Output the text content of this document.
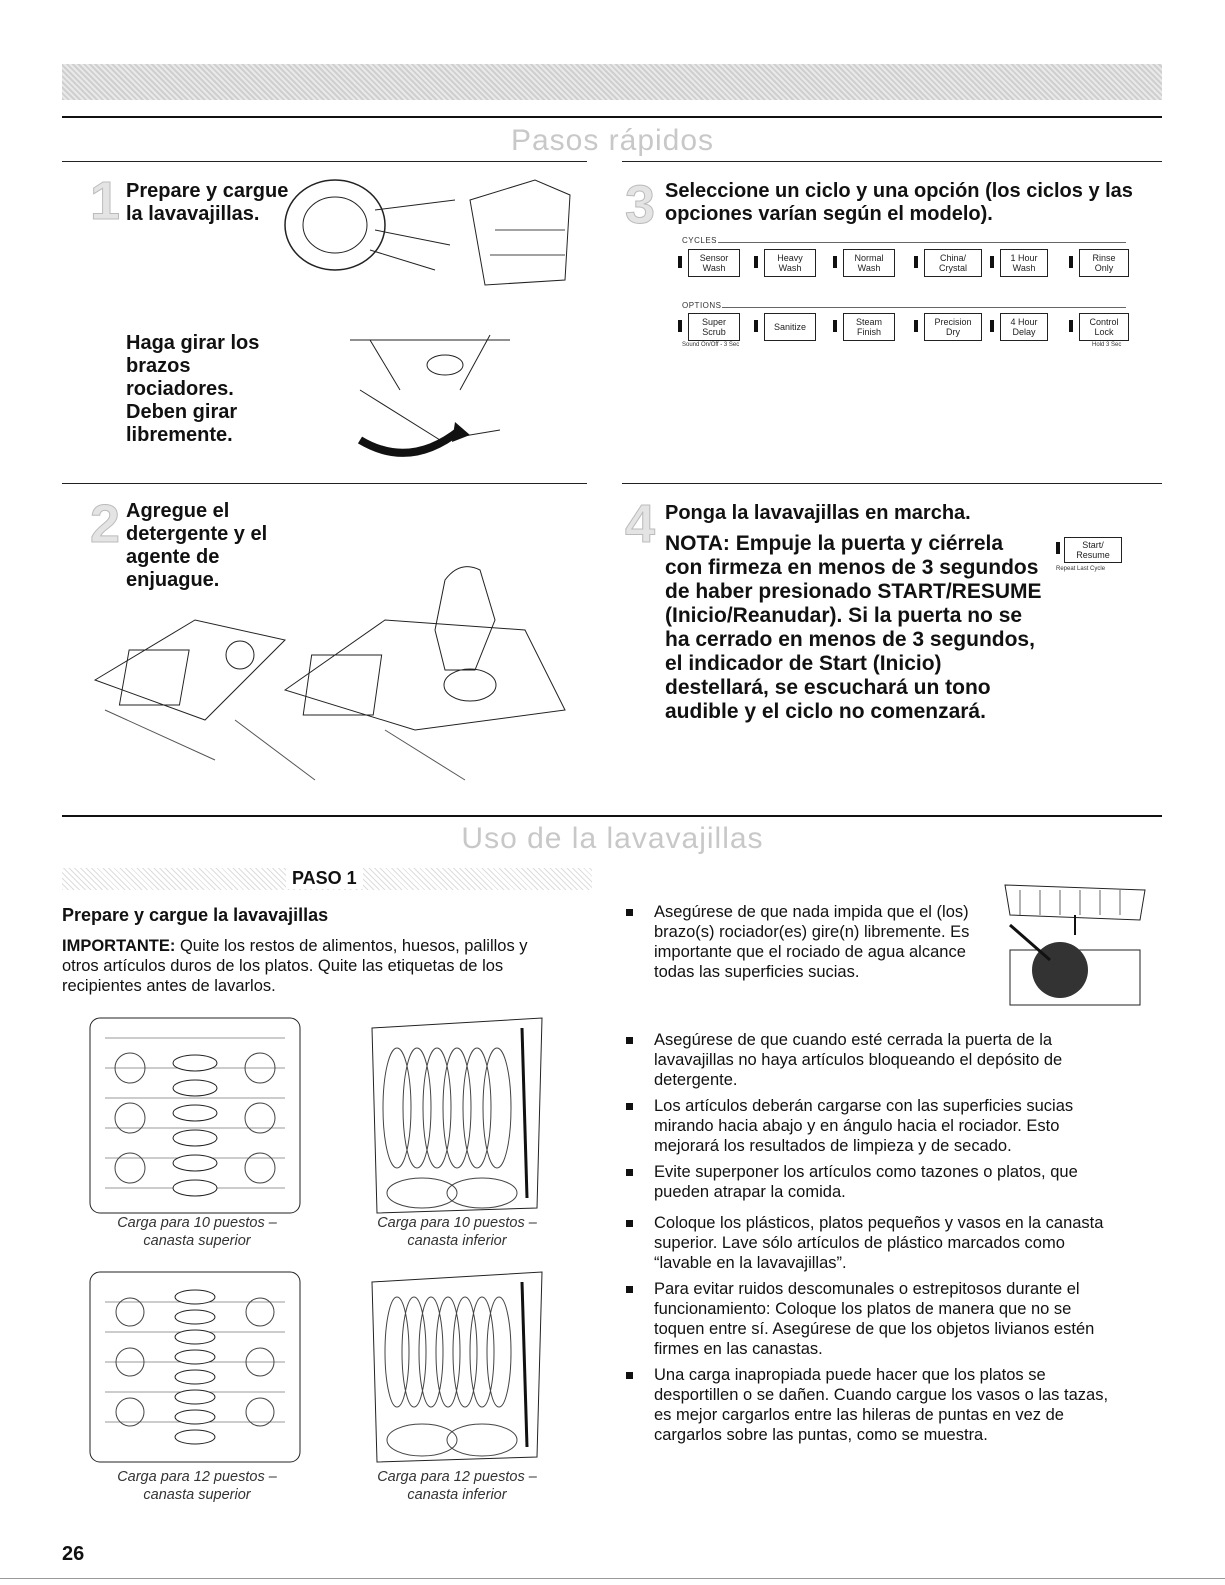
Pasos rápidos
1 Prepare y cargue
la lavavajillas.
Haga girar los
brazos
rociadores.
Deben girar
libremente.
2 Agregue el
detergente y el
agente de
enjuague.
3 Seleccione un ciclo y una opción (los ciclos y las
opciones varían según el modelo).
CYCLES
Sensor
Wash
Heavy
Wash
Normal
Wash
China/
Crystal
1 Hour
Wash
Rinse
Only
OPTIONS
Super
Scrub	Sanitize	Steam
Finish
Precision
Dry
4 Hour
Delay
Control
Lock
Sound On/Off - 3 Sec	Hold 3 Sec
4 Ponga la lavavajillas en marcha.
NOTA: Empuje la puerta y ciérrela
con firmeza en menos de 3 segundos
de haber presionado START/RESUME
(Inicio/Reanudar). Si la puerta no se
ha cerrado en menos de 3 segundos,
el indicador de Start (Inicio)
destellará, se escuchará un tono
audible y el ciclo no comenzará.
Start/
Resume
Repeat Last Cycle
Uso de la lavavajillas
PASO 1
Prepare y cargue la lavavajillas
IMPORTANTE: Quite los restos de alimentos, huesos, palillos y
otros artículos duros de los platos. Quite las etiquetas de los
recipientes antes de lavarlos.
Carga para 10 puestos –
canasta superior
Carga para 10 puestos –
canasta inferior
Carga para 12 puestos –
canasta superior
Carga para 12 puestos –
canasta inferior
Asegúrese de que nada impida que el (los)
brazo(s) rociador(es) gire(n) libremente. Es
importante que el rociado de agua alcance
todas las superficies sucias.
Asegúrese de que cuando esté cerrada la puerta de la
lavavajillas no haya artículos bloqueando el depósito de
detergente.
Los artículos deberán cargarse con las superficies sucias
mirando hacia abajo y en ángulo hacia el rociador. Esto
mejorará los resultados de limpieza y de secado.
Evite superponer los artículos como tazones o platos, que
pueden atrapar la comida.
Coloque los plásticos, platos pequeños y vasos en la canasta
superior. Lave sólo artículos de plástico marcados como
“lavable en la lavavajillas”.
Para evitar ruidos descomunales o estrepitosos durante el
funcionamiento: Coloque los platos de manera que no se
toquen entre sí. Asegúrese de que los objetos livianos estén
firmes en las canastas.
Una carga inapropiada puede hacer que los platos se
desportillen o se dañen. Cuando cargue los vasos o las tazas,
es mejor cargarlos entre las hileras de puntas en vez de
cargarlos sobre las puntas, como se muestra.
26
